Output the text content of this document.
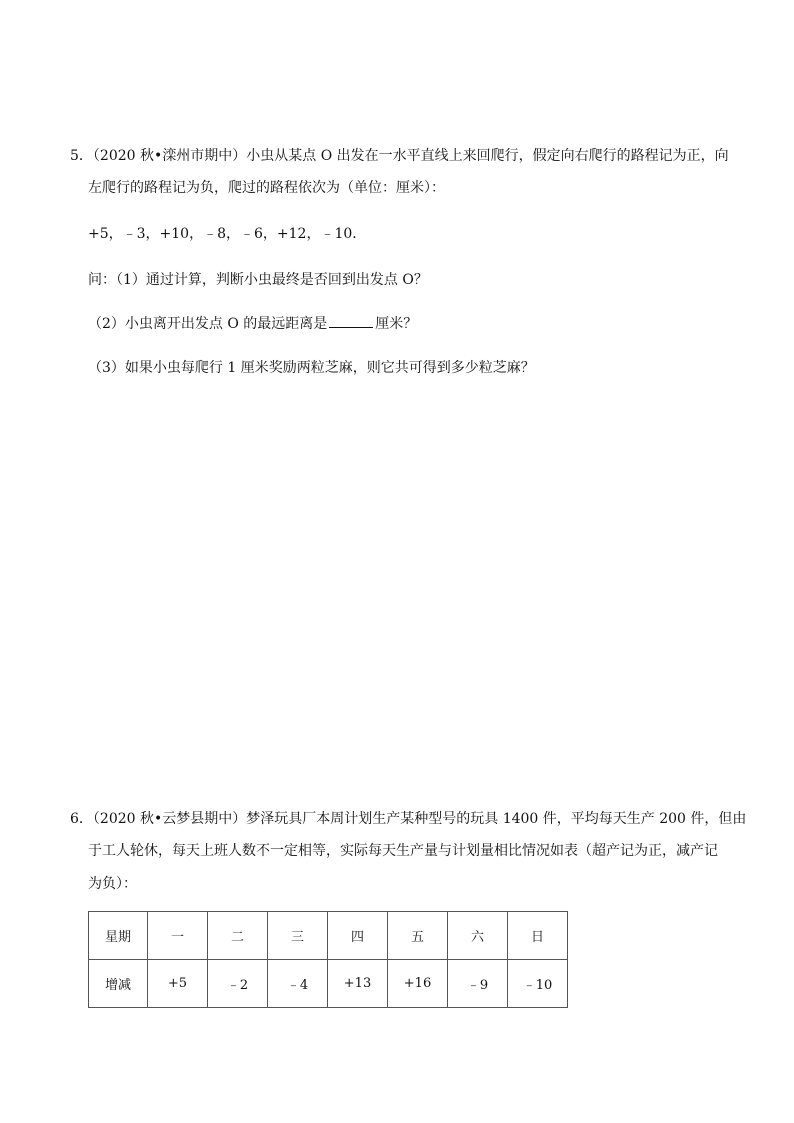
5．（2020 秋•滦州市期中）小虫从某点 O 出发在一水平直线上来回爬行，假定向右爬行的路程记为正，向
左爬行的路程记为负，爬过的路程依次为（单位：厘米）：
+5，﹣3，+10，﹣8，﹣6，+12，﹣10．
问：（1）通过计算，判断小虫最终是否回到出发点 O？
（2）小虫离开出发点 O 的最远距离是	厘米？
（3）如果小虫每爬行 1 厘米奖励两粒芝麻，则它共可得到多少粒芝麻？
6．（2020 秋•云梦县期中）梦泽玩具厂本周计划生产某种型号的玩具 1400 件，平均每天生产 200 件，但由
于工人轮休，每天上班人数不一定相等，实际每天生产量与计划量相比情况如表（超产记为正，减产记
为负）：
星期	一	二	三	四	五	六	日
增减	+5	﹣2	﹣4	+13	+16	﹣9	﹣10
